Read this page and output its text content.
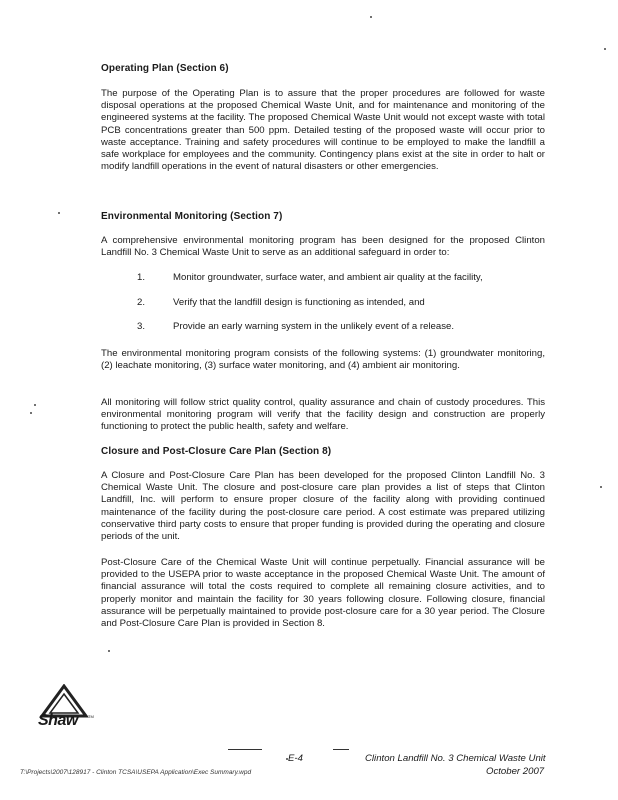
Operating Plan (Section 6)
The purpose of the Operating Plan is to assure that the proper procedures are followed for waste disposal operations at the proposed Chemical Waste Unit, and for maintenance and monitoring of the engineered systems at the facility. The proposed Chemical Waste Unit would not except waste with total PCB concentrations greater than 500 ppm. Detailed testing of the proposed waste will occur prior to waste acceptance. Training and safety procedures will continue to be employed to make the landfill a safe workplace for employees and the community. Contingency plans exist at the site in order to halt or modify landfill operations in the event of natural disasters or other emergencies.
Environmental Monitoring (Section 7)
A comprehensive environmental monitoring program has been designed for the proposed Clinton Landfill No. 3 Chemical Waste Unit to serve as an additional safeguard in order to:
1.	Monitor groundwater, surface water, and ambient air quality at the facility,
2.	Verify that the landfill design is functioning as intended, and
3.	Provide an early warning system in the unlikely event of a release.
The environmental monitoring program consists of the following systems: (1) groundwater monitoring, (2) leachate monitoring, (3) surface water monitoring, and (4) ambient air monitoring.
All monitoring will follow strict quality control, quality assurance and chain of custody procedures. This environmental monitoring program will verify that the facility design and construction are properly functioning to protect the public health, safety and welfare.
Closure and Post-Closure Care Plan (Section 8)
A Closure and Post-Closure Care Plan has been developed for the proposed Clinton Landfill No. 3 Chemical Waste Unit. The closure and post-closure care plan provides a list of steps that Clinton Landfill, Inc. will perform to ensure proper closure of the facility along with providing continued maintenance of the facility during the post-closure care period. A cost estimate was prepared utilizing conservative third party costs to ensure that proper funding is provided during the operating and closure periods of the unit.
Post-Closure Care of the Chemical Waste Unit will continue perpetually. Financial assurance will be provided to the USEPA prior to waste acceptance in the proposed Chemical Waste Unit. The amount of financial assurance will total the costs required to complete all remaining closure activities, and to properly monitor and maintain the facility for 30 years following closure. Following closure, financial assurance will be perpetually maintained to provide post-closure care for a 30 year period. The Closure and Post-Closure Care Plan is provided in Section 8.
Shaw	TM
E-4	Clinton Landfill No. 3 Chemical Waste Unit
October 2007
T:\Projects\2007\128917 - Clinton TCSA\USEPA Application\Exec Summary.wpd
